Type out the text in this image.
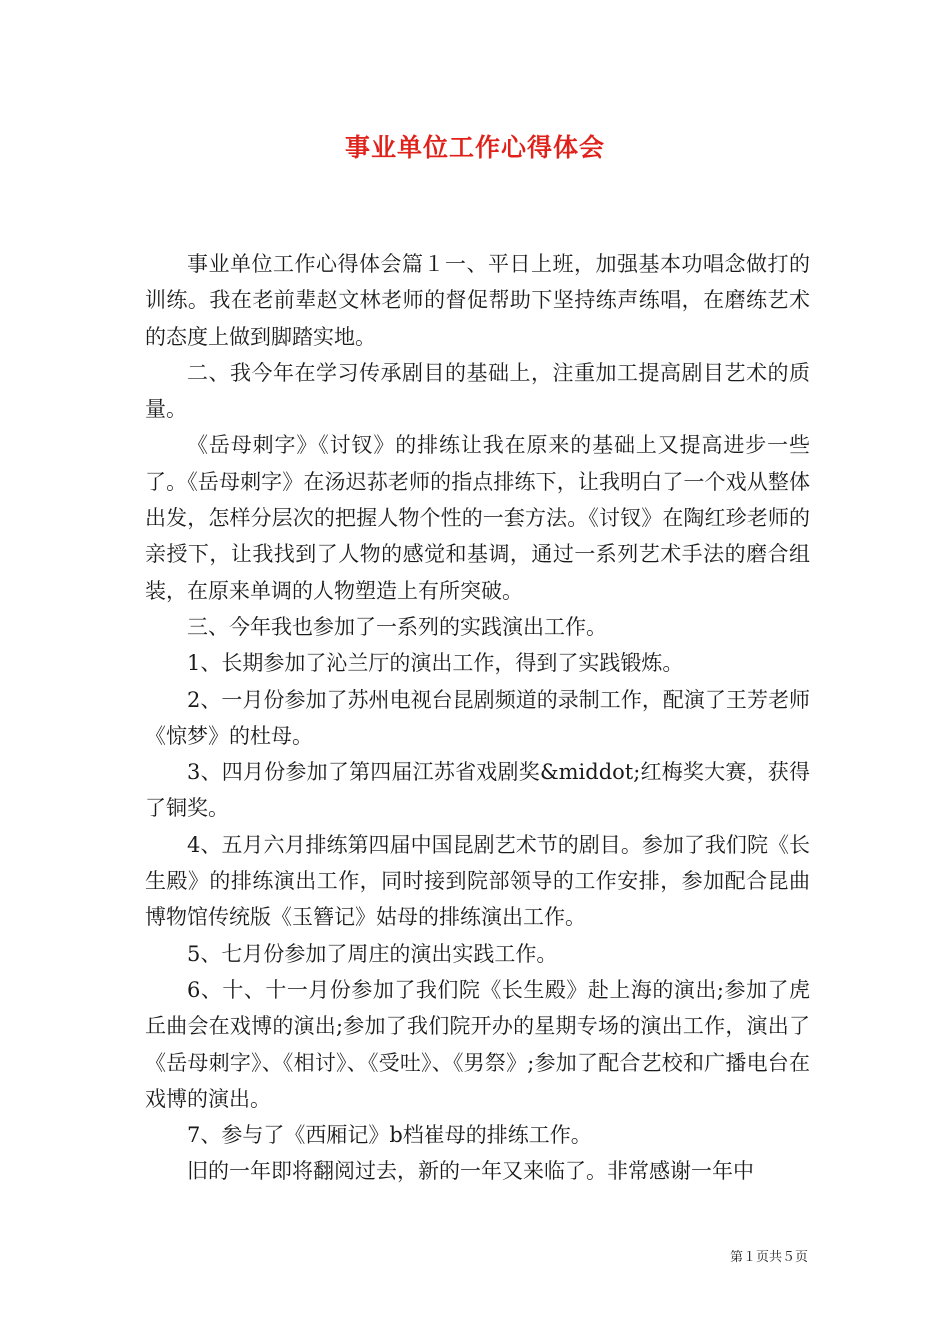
事业单位工作心得体会

事业单位工作心得体会篇１一、平日上班，加强基本功唱念做打的训练。我在老前辈赵文林老师的督促帮助下坚持练声练唱，在磨练艺术的态度上做到脚踏实地。

二、我今年在学习传承剧目的基础上，注重加工提高剧目艺术的质量。

《岳母刺字》《讨钗》的排练让我在原来的基础上又提高进步一些了。《岳母刺字》在汤迟荪老师的指点排练下，让我明白了一个戏从整体出发，怎样分层次的把握人物个性的一套方法。《讨钗》在陶红珍老师的亲授下，让我找到了人物的感觉和基调，通过一系列艺术手法的磨合组装，在原来单调的人物塑造上有所突破。

三、今年我也参加了一系列的实践演出工作。

1、长期参加了沁兰厅的演出工作，得到了实践锻炼。

2、一月份参加了苏州电视台昆剧频道的录制工作，配演了王芳老师《惊梦》的杜母。

3、四月份参加了第四届江苏省戏剧奖&middot;红梅奖大赛，获得了铜奖。

4、五月六月排练第四届中国昆剧艺术节的剧目。参加了我们院《长生殿》的排练演出工作，同时接到院部领导的工作安排，参加配合昆曲博物馆传统版《玉簪记》姑母的排练演出工作。

5、七月份参加了周庄的演出实践工作。

6、十、十一月份参加了我们院《长生殿》赴上海的演出;参加了虎丘曲会在戏博的演出;参加了我们院开办的星期专场的演出工作，演出了《岳母刺字》、《相讨》、《受吐》、《男祭》;参加了配合艺校和广播电台在戏博的演出。

7、参与了《西厢记》b档崔母的排练工作。

旧的一年即将翻阅过去，新的一年又来临了。非常感谢一年中

第１页共５页
